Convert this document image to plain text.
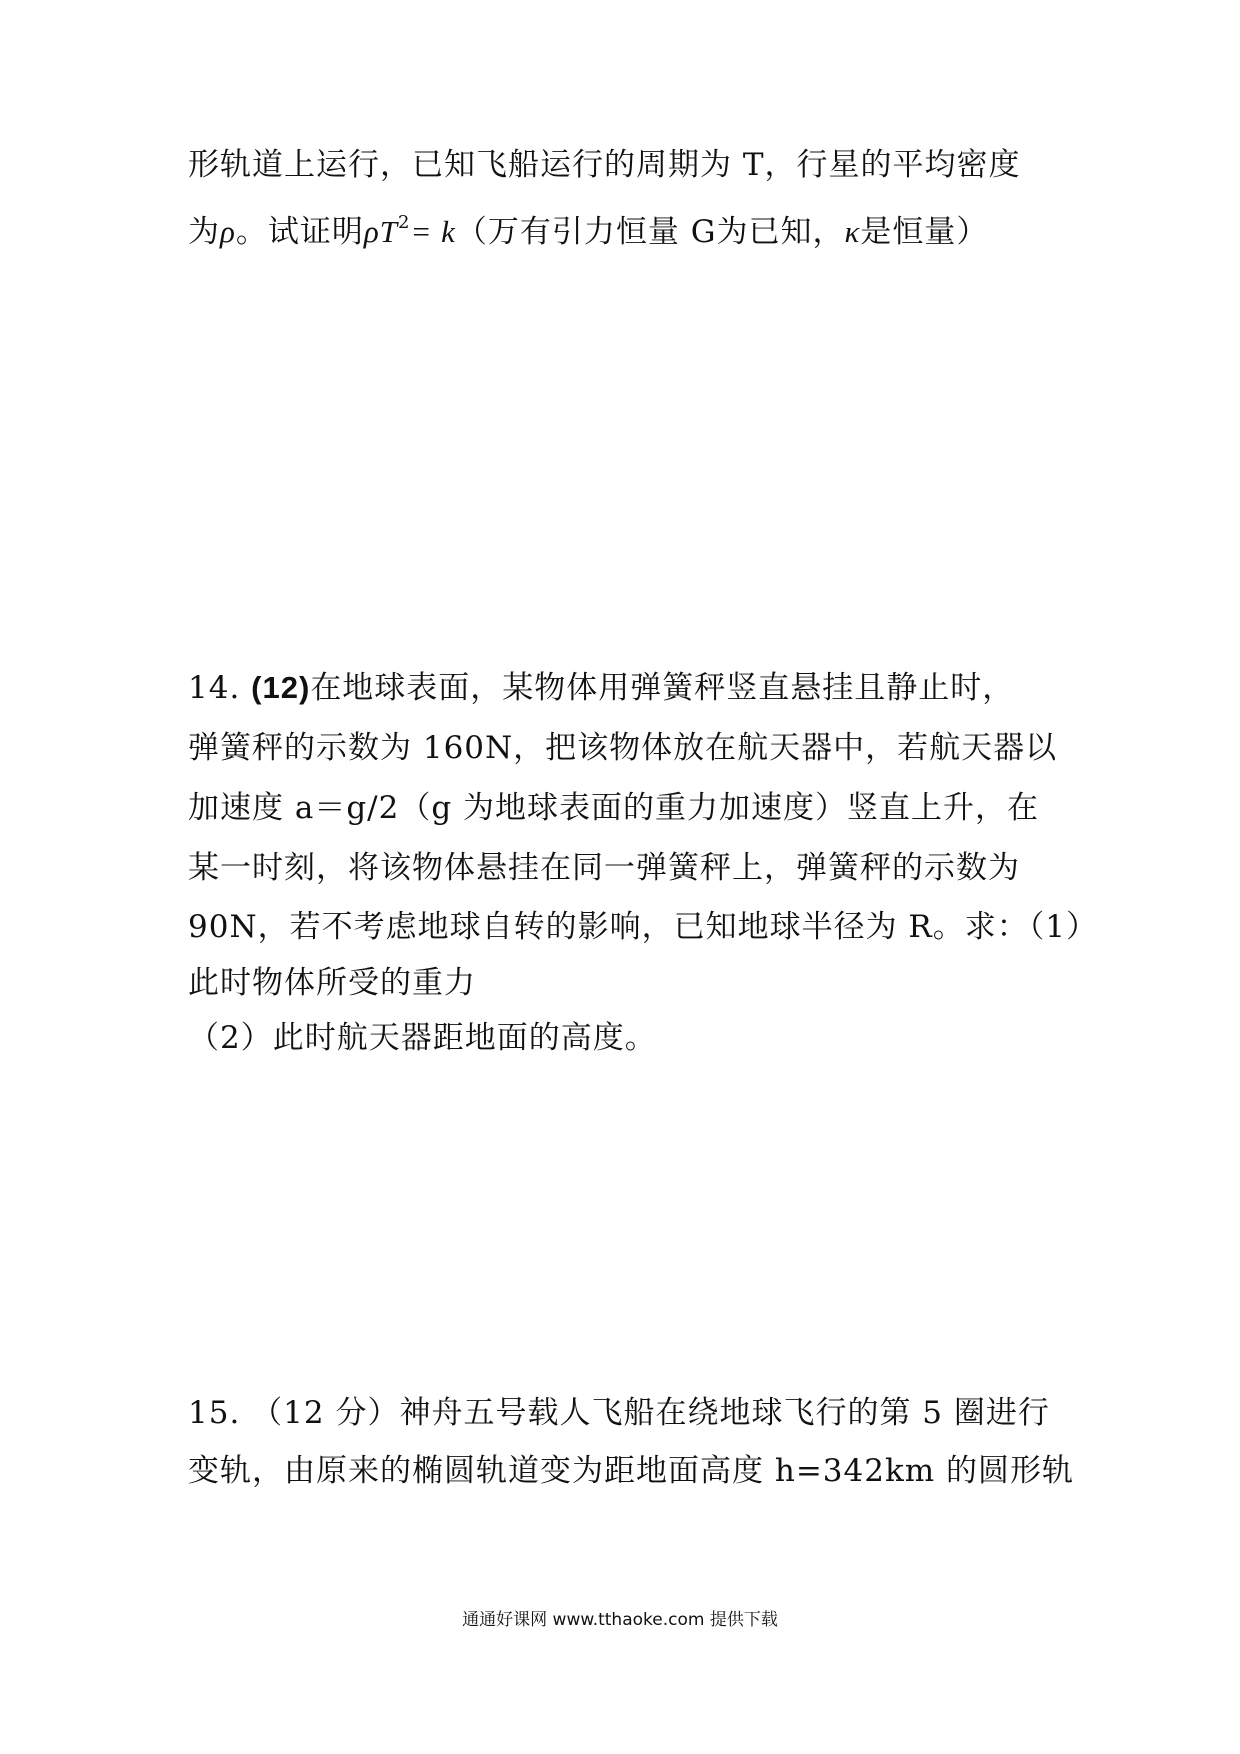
形轨道上运行，已知飞船运行的周期为 T，行星的平均密度
为ρ。试证明$\rho T^2= k$（万有引力恒量 G为已知，κ是恒量）
14. (12)在地球表面，某物体用弹簧秤竖直悬挂且静止时，
弹簧秤的示数为 160N，把该物体放在航天器中，若航天器以
加速度 a＝g/2（g 为地球表面的重力加速度）竖直上升，在
某一时刻，将该物体悬挂在同一弹簧秤上，弹簧秤的示数为
90N，若不考虑地球自转的影响，已知地球半径为 R。求：（1）
此时物体所受的重力
（2）此时航天器距地面的高度。
15. （12 分）神舟五号载人飞船在绕地球飞行的第 5 圈进行
变轨，由原来的椭圆轨道变为距地面高度 h=342km 的圆形轨
通通好课网 www.tthaoke.com 提供下载
